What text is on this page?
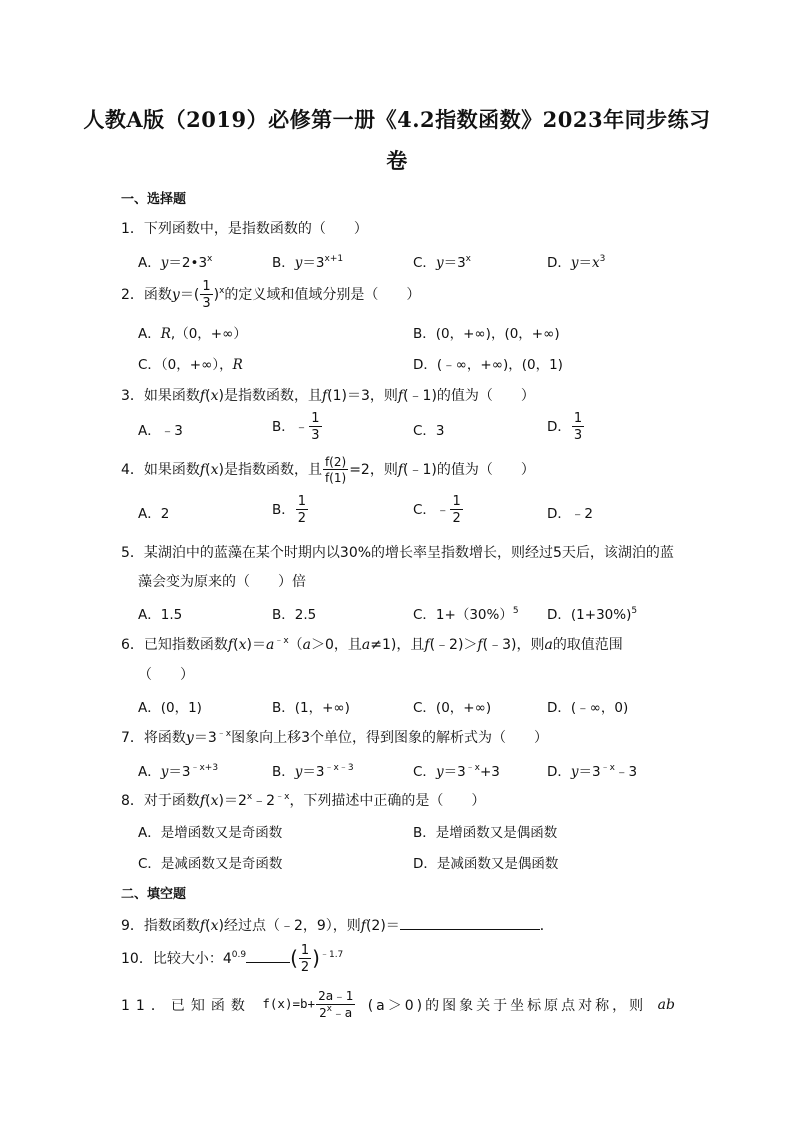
人教A版（2019）必修第一册《4.2指数函数》2023年同步练习
卷
一、选择题
1．下列函数中，是指数函数的（　　）
A．$y=2•3^x$	B．$y=3^{x+1}$	C．$y=3^x$	D．$y=x^3$
2．函数$y=( \frac{1}{3} )^x$的定义域和值域分别是（　　）
A．R,（0，+∞）	B．(0，+∞)，(0，+∞)
C．（0，+∞），R	D．(﹣∞，+∞)，(0，1)
3．如果函数f(x)是指数函数，且f(1)＝3，则f(﹣1)的值为（　　）
A．﹣3	B．﹣ $\frac{1}{3}$	C．3	D． $\frac{1}{3}$
4．如果函数f(x)是指数函数，且 $\frac{f(2)}{f(1)} =2$，则f(﹣1)的值为（　　）
A．2	B． $\frac{1}{2}$	C．﹣ $\frac{1}{2}$	D．﹣2
5．某湖泊中的蓝藻在某个时期内以30%的增长率呈指数增长，则经过5天后，该湖泊的蓝
藻会变为原来的（　　）倍
A．1.5	B．2.5	C．$1+(30\%)^5$ D．$(1+30\%)^5$
6．已知指数函数$f(x)=a^{﹣x}(a>0$，且a≠1)，且f(﹣2)＞f(﹣3)，则a的取值范围
（　　）
A．(0，1)	B．(1，+∞)	C．(0，+∞)	D．(﹣∞，0)
7．将函数$y=3^{﹣x}$图象向上移3个单位，得到图象的解析式为（　　）
A．$y=3^{﹣x+3}$	B．$y=3^{﹣x﹣3}$	C．$y=3^{﹣x}+3$	D．$y=3^{﹣x}﹣3$
8．对于函数$f(x)=2^x﹣2^{﹣x}$，下列描述中正确的是（　　）
A．是增函数又是奇函数	B．是增函数又是偶函数
C．是减函数又是奇函数	D．是减函数又是偶函数
二、填空题
9．指数函数f(x)经过点（﹣2，9），则f(2)＝	．
10．比较大小：$4^{0.9}$ ( $\frac{1}{2} )^{﹣1.7}$
11．已知函数 $f(x)=b+ \frac{2a﹣1}{2^x﹣a} (a>0)$的图象关于坐标原点对称，则 ab
